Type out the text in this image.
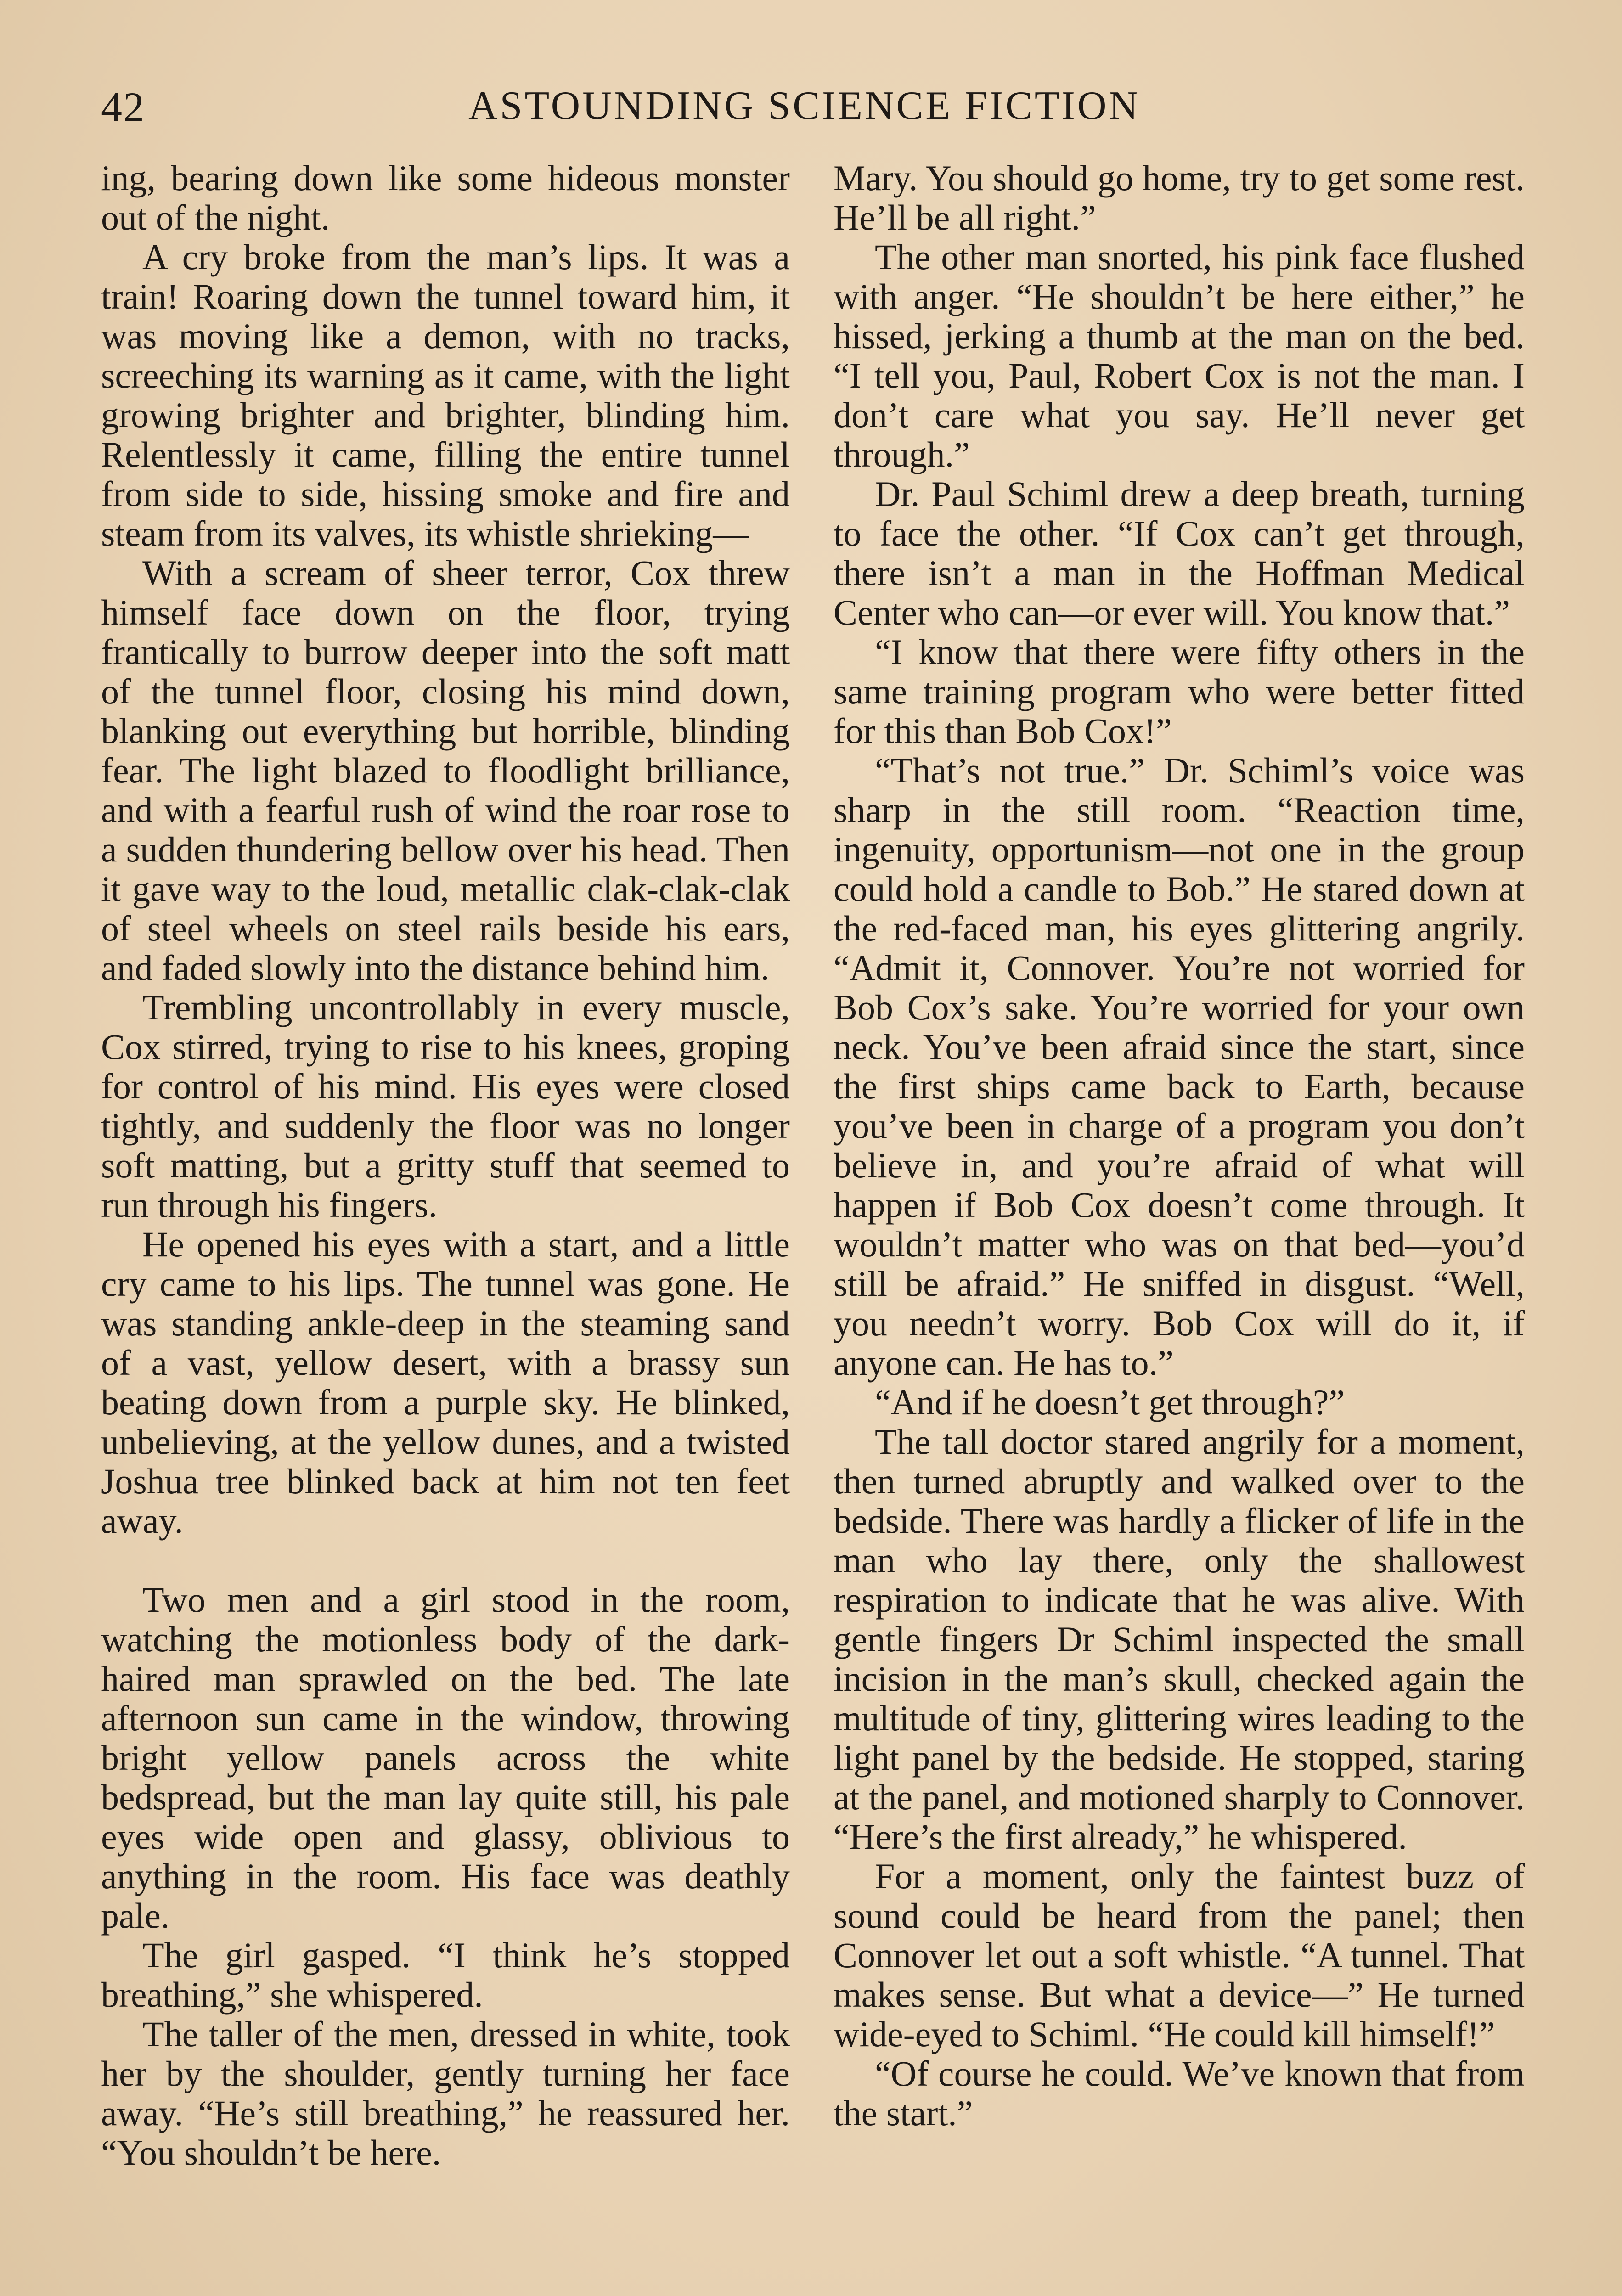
42	ASTOUNDING SCIENCE FICTION

ing, bearing down like some hideous monster out of the night.

A cry broke from the man’s lips. It was a train! Roaring down the tunnel toward him, it was moving like a demon, with no tracks, screeching its warning as it came, with the light growing brighter and brighter, blinding him. Relentlessly it came, filling the entire tunnel from side to side, hissing smoke and fire and steam from its valves, its whistle shrieking—

With a scream of sheer terror, Cox threw himself face down on the floor, trying frantically to burrow deeper into the soft matt of the tunnel floor, closing his mind down, blanking out everything but horrible, blinding fear. The light blazed to floodlight brilliance, and with a fearful rush of wind the roar rose to a sudden thundering bellow over his head. Then it gave way to the loud, metallic clak-clak-clak of steel wheels on steel rails beside his ears, and faded slowly into the distance behind him.

Trembling uncontrollably in every muscle, Cox stirred, trying to rise to his knees, groping for control of his mind. His eyes were closed tightly, and suddenly the floor was no longer soft matting, but a gritty stuff that seemed to run through his fingers.

He opened his eyes with a start, and a little cry came to his lips. The tunnel was gone. He was standing ankle-deep in the steaming sand of a vast, yellow desert, with a brassy sun beating down from a purple sky. He blinked, unbelieving, at the yellow dunes, and a twisted Joshua tree blinked back at him not ten feet away.

Two men and a girl stood in the room, watching the motionless body of the dark-haired man sprawled on the bed. The late afternoon sun came in the window, throwing bright yellow panels across the white bedspread, but the man lay quite still, his pale eyes wide open and glassy, oblivious to anything in the room. His face was deathly pale.

The girl gasped. “I think he’s stopped breathing,” she whispered.

The taller of the men, dressed in white, took her by the shoulder, gently turning her face away. “He’s still breathing,” he reassured her. “You shouldn’t be here.

Mary. You should go home, try to get some rest. He’ll be all right.”

The other man snorted, his pink face flushed with anger. “He shouldn’t be here either,” he hissed, jerking a thumb at the man on the bed. “I tell you, Paul, Robert Cox is not the man. I don’t care what you say. He’ll never get through.”

Dr. Paul Schiml drew a deep breath, turning to face the other. “If Cox can’t get through, there isn’t a man in the Hoffman Medical Center who can—or ever will. You know that.”

“I know that there were fifty others in the same training program who were better fitted for this than Bob Cox!”

“That’s not true.” Dr. Schiml’s voice was sharp in the still room. “Reaction time, ingenuity, opportunism—not one in the group could hold a candle to Bob.” He stared down at the red-faced man, his eyes glittering angrily. “Admit it, Connover. You’re not worried for Bob Cox’s sake. You’re worried for your own neck. You’ve been afraid since the start, since the first ships came back to Earth, because you’ve been in charge of a program you don’t believe in, and you’re afraid of what will happen if Bob Cox doesn’t come through. It wouldn’t matter who was on that bed—you’d still be afraid.” He sniffed in disgust. “Well, you needn’t worry. Bob Cox will do it, if anyone can. He has to.”

“And if he doesn’t get through?”

The tall doctor stared angrily for a moment, then turned abruptly and walked over to the bedside. There was hardly a flicker of life in the man who lay there, only the shallowest respiration to indicate that he was alive. With gentle fingers Dr Schiml inspected the small incision in the man’s skull, checked again the multitude of tiny, glittering wires leading to the light panel by the bedside. He stopped, staring at the panel, and motioned sharply to Connover. “Here’s the first already,” he whispered.

For a moment, only the faintest buzz of sound could be heard from the panel; then Connover let out a soft whistle. “A tunnel. That makes sense. But what a device—” He turned wide-eyed to Schiml. “He could kill himself!”

“Of course he could. We’ve known that from the start.”
